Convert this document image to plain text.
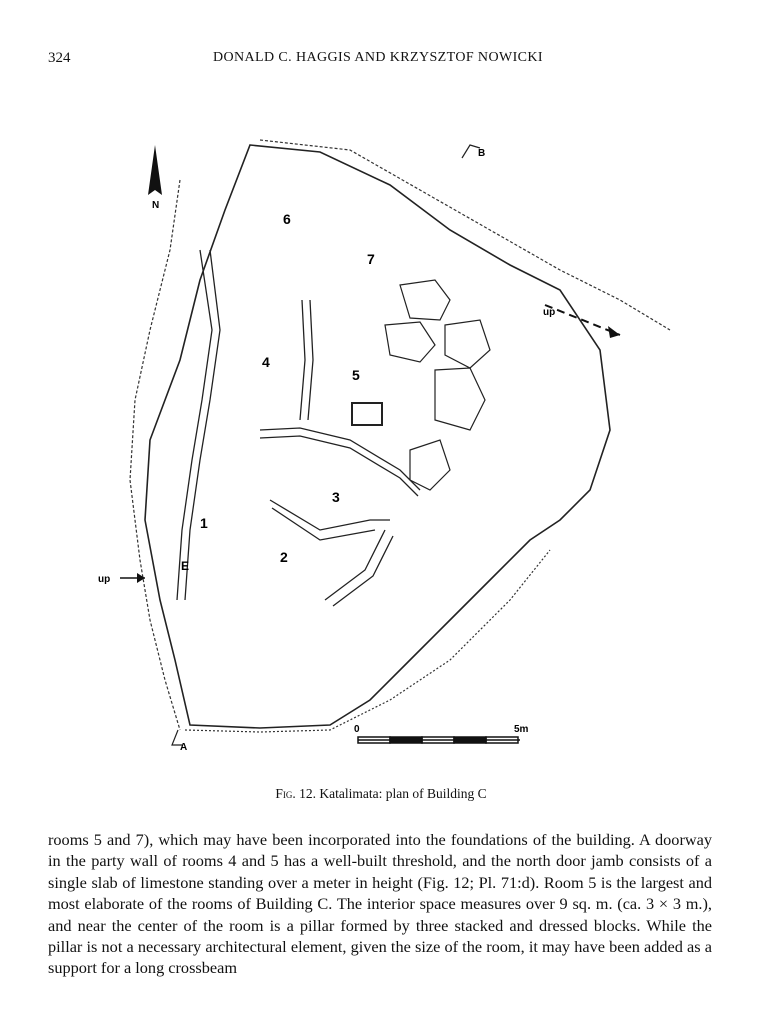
324	DONALD C. HAGGIS AND KRZYSZTOF NOWICKI
N
B
A
up
up
E
1
2
3
4
5
6
7
0	5m
Fig. 12. Katalimata: plan of Building C
rooms 5 and 7), which may have been incorporated into the foundations of the building. A doorway in the party wall of rooms 4 and 5 has a well-built threshold, and the north door jamb consists of a single slab of limestone standing over a meter in height (Fig. 12; Pl. 71:d). Room 5 is the largest and most elaborate of the rooms of Building C. The interior space measures over 9 sq. m. (ca. 3 × 3 m.), and near the center of the room is a pillar formed by three stacked and dressed blocks. While the pillar is not a necessary architectural element, given the size of the room, it may have been added as a support for a long crossbeam
